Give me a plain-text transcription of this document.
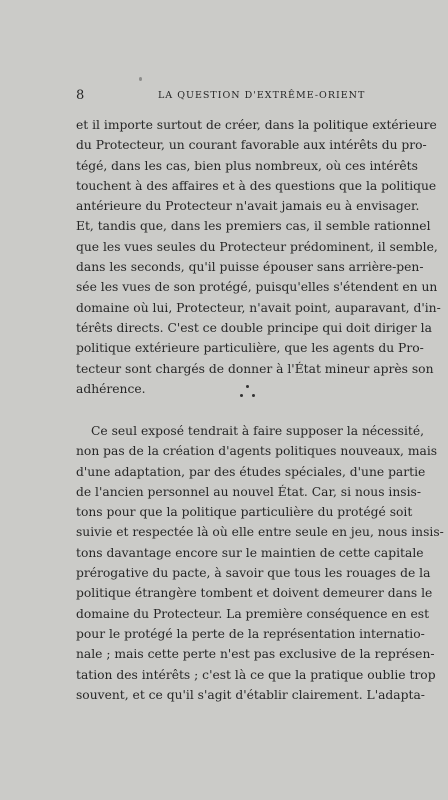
8	LA QUESTION D'EXTRÊME-ORIENT
et il importe surtout de créer, dans la politique extérieure
du Protecteur, un courant favorable aux intérêts du pro-
tégé, dans les cas, bien plus nombreux, où ces intérêts
touchent à des affaires et à des questions que la politique
antérieure du Protecteur n'avait jamais eu à envisager.
Et, tandis que, dans les premiers cas, il semble rationnel
que les vues seules du Protecteur prédominent, il semble,
dans les seconds, qu'il puisse épouser sans arrière-pen-
sée les vues de son protégé, puisqu'elles s'étendent en un
domaine où lui, Protecteur, n'avait point, auparavant, d'in-
térêts directs. C'est ce double principe qui doit diriger la
politique extérieure particulière, que les agents du Pro-
tecteur sont chargés de donner à l'État mineur après son
adhérence.
Ce seul exposé tendrait à faire supposer la nécessité,
non pas de la création d'agents politiques nouveaux, mais
d'une adaptation, par des études spéciales, d'une partie
de l'ancien personnel au nouvel État. Car, si nous insis-
tons pour que la politique particulière du protégé soit
suivie et respectée là où elle entre seule en jeu, nous insis-
tons davantage encore sur le maintien de cette capitale
prérogative du pacte, à savoir que tous les rouages de la
politique étrangère tombent et doivent demeurer dans le
domaine du Protecteur. La première conséquence en est
pour le protégé la perte de la représentation internatio-
nale ; mais cette perte n'est pas exclusive de la représen-
tation des intérêts ; c'est là ce que la pratique oublie trop
souvent, et ce qu'il s'agit d'établir clairement. L'adapta-
